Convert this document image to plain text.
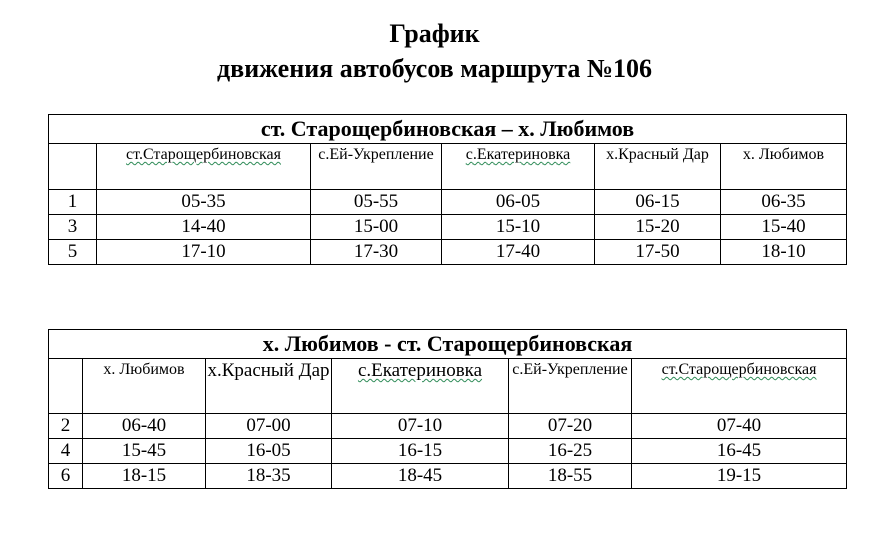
График
движения автобусов маршрута №106
ст. Старощербиновская – х. Любимов					
	ст.Старощербиновская	с.Ей-Укрепление	с.Екатериновка	х.Красный Дар	х. Любимов
1	05-35	05-55	06-05	06-15	06-35
3	14-40	15-00	15-10	15-20	15-40
5	17-10	17-30	17-40	17-50	18-10
х. Любимов - ст. Старощербиновская					
	х. Любимов	х.Красный Дар	с.Екатериновка	с.Ей-Укрепление	ст.Старощербиновская
2	06-40	07-00	07-10	07-20	07-40
4	15-45	16-05	16-15	16-25	16-45
6	18-15	18-35	18-45	18-55	19-15
